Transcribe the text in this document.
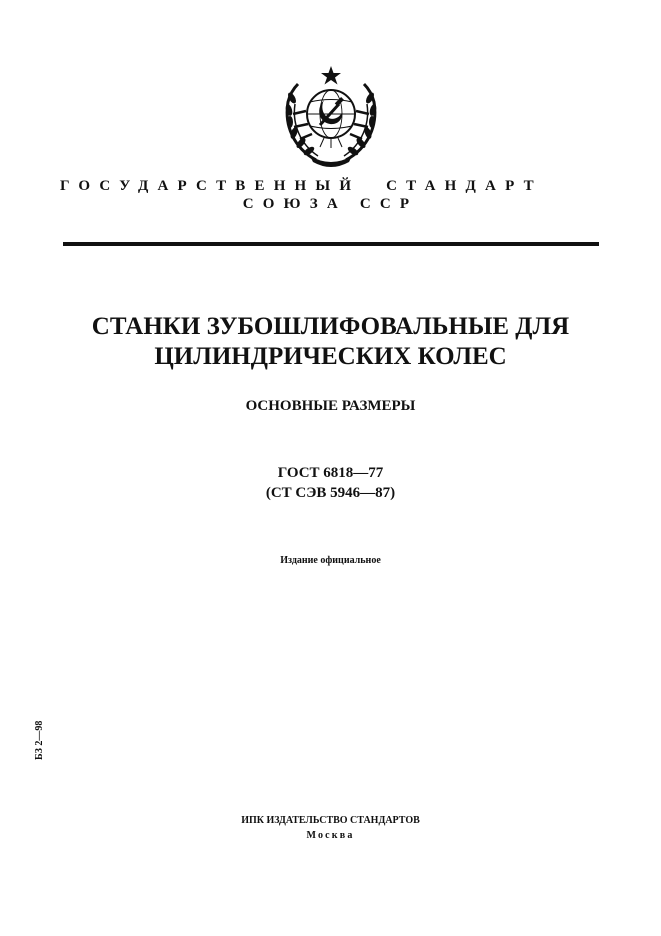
ГОСУДАРСТВЕННЫЙ  СТАНДАРТ
СОЮЗА ССР
СТАНКИ ЗУБОШЛИФОВАЛЬНЫЕ ДЛЯ
ЦИЛИНДРИЧЕСКИХ КОЛЕС
ОСНОВНЫЕ РАЗМЕРЫ
ГОСТ 6818—77
(СТ СЭВ 5946—87)
Издание официальное
БЗ 2—98
ИПК ИЗДАТЕЛЬСТВО СТАНДАРТОВ
Москва
